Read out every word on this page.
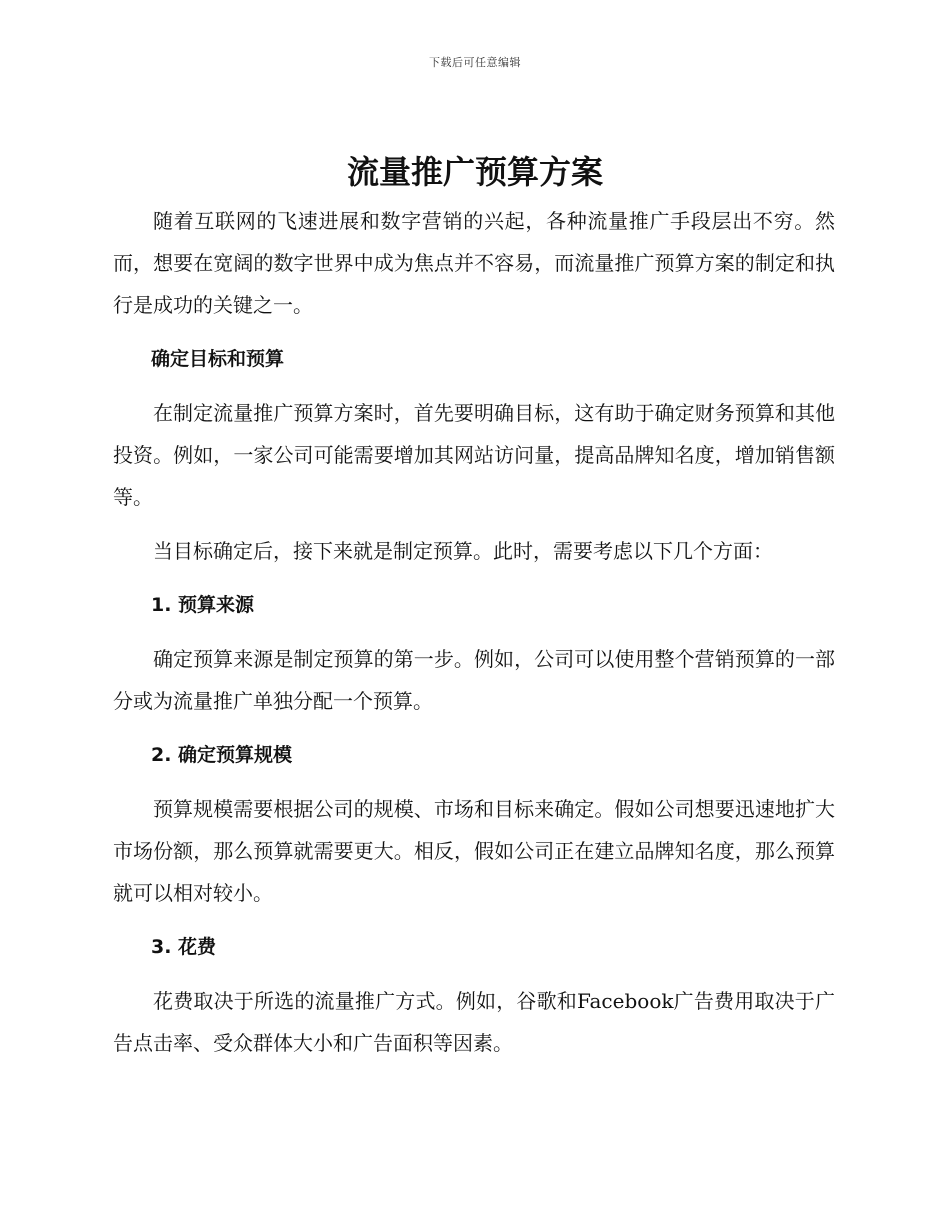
下载后可任意编辑
流量推广预算方案

随着互联网的飞速进展和数字营销的兴起，各种流量推广手段层出不穷。然而，想要在宽阔的数字世界中成为焦点并不容易，而流量推广预算方案的制定和执行是成功的关键之一。

确定目标和预算

在制定流量推广预算方案时，首先要明确目标，这有助于确定财务预算和其他投资。例如，一家公司可能需要增加其网站访问量，提高品牌知名度，增加销售额等。

当目标确定后，接下来就是制定预算。此时，需要考虑以下几个方面：

1. 预算来源

确定预算来源是制定预算的第一步。例如，公司可以使用整个营销预算的一部分或为流量推广单独分配一个预算。

2. 确定预算规模

预算规模需要根据公司的规模、市场和目标来确定。假如公司想要迅速地扩大市场份额，那么预算就需要更大。相反，假如公司正在建立品牌知名度，那么预算就可以相对较小。

3. 花费

花费取决于所选的流量推广方式。例如，谷歌和Facebook广告费用取决于广告点击率、受众群体大小和广告面积等因素。
